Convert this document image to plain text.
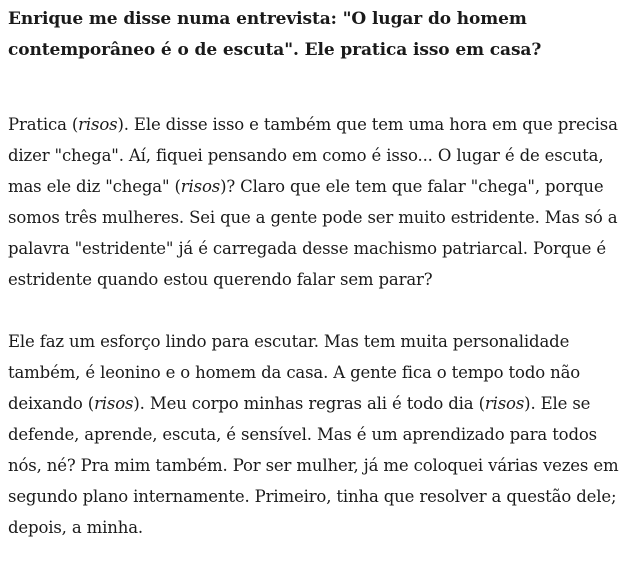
Enrique me disse numa entrevista: "O lugar do homem contemporâneo é o de escuta". Ele pratica isso em casa?

Pratica (risos). Ele disse isso e também que tem uma hora em que precisa dizer "chega". Aí, fiquei pensando em como é isso... O lugar é de escuta, mas ele diz "chega" (risos)? Claro que ele tem que falar "chega", porque somos três mulheres. Sei que a gente pode ser muito estridente. Mas só a palavra "estridente" já é carregada desse machismo patriarcal. Porque é estridente quando estou querendo falar sem parar?

Ele faz um esforço lindo para escutar. Mas tem muita personalidade também, é leonino e o homem da casa. A gente fica o tempo todo não deixando (risos). Meu corpo minhas regras ali é todo dia (risos). Ele se defende, aprende, escuta, é sensível. Mas é um aprendizado para todos nós, né? Pra mim também. Por ser mulher, já me coloquei várias vezes em segundo plano internamente. Primeiro, tinha que resolver a questão dele; depois, a minha.
